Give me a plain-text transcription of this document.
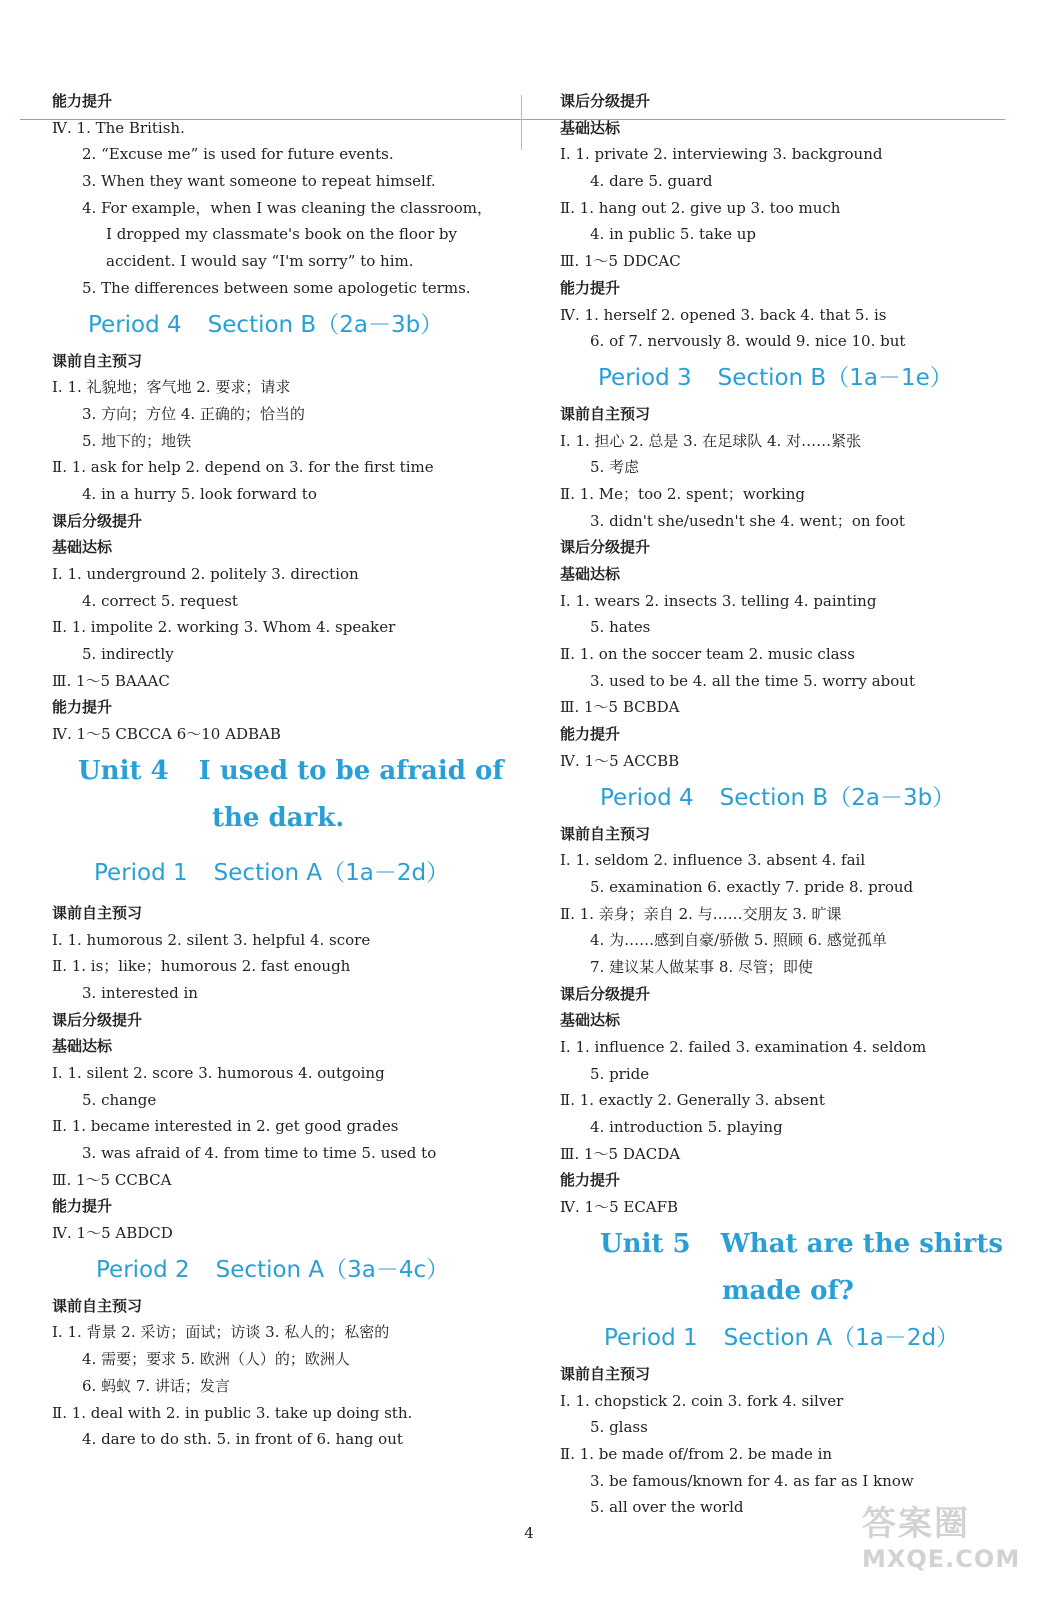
能力提升
Ⅳ. 1. The British.
2. “Excuse me” is used for future events.
3. When they want someone to repeat himself.
4. For example，when I was cleaning the classroom，
I dropped my classmate's book on the floor by
accident. I would say “I'm sorry” to him.
5. The differences between some apologetic terms.
Period 4 Section B（2a－3b）
课前自主预习
Ⅰ. 1. 礼貌地；客气地 2. 要求；请求
3. 方向；方位 4. 正确的；恰当的
5. 地下的；地铁
Ⅱ. 1. ask for help 2. depend on 3. for the first time
4. in a hurry 5. look forward to
课后分级提升
基础达标
Ⅰ. 1. underground 2. politely 3. direction
4. correct 5. request
Ⅱ. 1. impolite 2. working 3. Whom 4. speaker
5. indirectly
Ⅲ. 1～5 BAAAC
能力提升
Ⅳ. 1～5 CBCCA 6～10 ADBAB
Unit 4 I used to be afraid of
the dark.
Period 1 Section A（1a－2d）
课前自主预习
Ⅰ. 1. humorous 2. silent 3. helpful 4. score
Ⅱ. 1. is；like；humorous 2. fast enough
3. interested in
课后分级提升
基础达标
Ⅰ. 1. silent 2. score 3. humorous 4. outgoing
5. change
Ⅱ. 1. became interested in 2. get good grades
3. was afraid of 4. from time to time 5. used to
Ⅲ. 1～5 CCBCA
能力提升
Ⅳ. 1～5 ABDCD
Period 2 Section A（3a－4c）
课前自主预习
Ⅰ. 1. 背景 2. 采访；面试；访谈 3. 私人的；私密的
4. 需要；要求 5. 欧洲（人）的；欧洲人
6. 蚂蚁 7. 讲话；发言
Ⅱ. 1. deal with 2. in public 3. take up doing sth.
4. dare to do sth. 5. in front of 6. hang out
课后分级提升
基础达标
Ⅰ. 1. private 2. interviewing 3. background
4. dare 5. guard
Ⅱ. 1. hang out 2. give up 3. too much
4. in public 5. take up
Ⅲ. 1～5 DDCAC
能力提升
Ⅳ. 1. herself 2. opened 3. back 4. that 5. is
6. of 7. nervously 8. would 9. nice 10. but
Period 3 Section B（1a－1e）
课前自主预习
Ⅰ. 1. 担心 2. 总是 3. 在足球队 4. 对……紧张
5. 考虑
Ⅱ. 1. Me；too 2. spent；working
3. didn't she/usedn't she 4. went；on foot
课后分级提升
基础达标
Ⅰ. 1. wears 2. insects 3. telling 4. painting
5. hates
Ⅱ. 1. on the soccer team 2. music class
3. used to be 4. all the time 5. worry about
Ⅲ. 1～5 BCBDA
能力提升
Ⅳ. 1～5 ACCBB
Period 4 Section B（2a－3b）
课前自主预习
Ⅰ. 1. seldom 2. influence 3. absent 4. fail
5. examination 6. exactly 7. pride 8. proud
Ⅱ. 1. 亲身；亲自 2. 与……交朋友 3. 旷课
4. 为……感到自豪/骄傲 5. 照顾 6. 感觉孤单
7. 建议某人做某事 8. 尽管；即使
课后分级提升
基础达标
Ⅰ. 1. influence 2. failed 3. examination 4. seldom
5. pride
Ⅱ. 1. exactly 2. Generally 3. absent
4. introduction 5. playing
Ⅲ. 1～5 DACDA
能力提升
Ⅳ. 1～5 ECAFB
Unit 5 What are the shirts
made of?
Period 1 Section A（1a－2d）
课前自主预习
Ⅰ. 1. chopstick 2. coin 3. fork 4. silver
5. glass
Ⅱ. 1. be made of/from 2. be made in
3. be famous/known for 4. as far as I know
5. all over the world
4	答案圈
MXQE.COM
